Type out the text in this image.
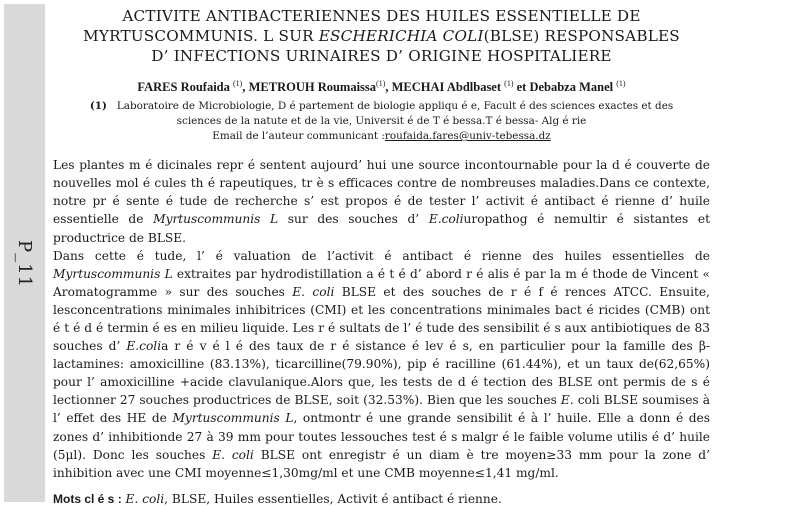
P_11
ACTIVITE ANTIBACTERIENNES DES HUILES ESSENTIELLE DE
MYRTUSCOMMUNIS. L SUR ESCHERICHIA COLI(BLSE) RESPONSABLES
D’ INFECTIONS URINAIRES D’ ORIGINE HOSPITALIERE
FARES Roufaida $^{(1)}$, METROUH Roumaissa$^{(1)}$, MECHAI Abdlbaset $^{(1)}$ et Debabza Manel $^{(1)}$
(1) Laboratoire de Microbiologie, D é partement de biologie appliqu é e, Facult é des sciences exactes et des
sciences de la natute et de la vie, Universit é de T é bessa.T é bessa- Alg é rie
Email de l’auteur communicant :roufaida.fares@univ-tebessa.dz
Les plantes m é dicinales repr é sentent aujourd’ hui une source incontournable pour la d é couverte de nouvelles mol é cules th é rapeutiques, tr è s efficaces contre de nombreuses maladies.Dans ce contexte, notre pr é sente é tude de recherche s’ est propos é de tester l’ activit é antibact é rienne d’ huile essentielle de Myrtuscommunis L sur des souches d’ E.coliuropathog é nemultir é sistantes et productrice de BLSE.
Dans cette é tude, l’ é valuation de l’activit é antibact é rienne des huiles essentielles de Myrtuscommunis L extraites par hydrodistillation a é t é d’ abord r é alis é par la m é thode de Vincent « Aromatogramme » sur des souches E. coli BLSE et des souches de r é f é rences ATCC. Ensuite, lesconcentrations minimales inhibitrices (CMI) et les concentrations minimales bact é ricides (CMB) ont é t é d é termin é es en milieu liquide. Les r é sultats de l’ é tude des sensibilit é s aux antibiotiques de 83 souches d’ E.colia r é v é l é des taux de r é sistance é lev é s, en particulier pour la famille des β-lactamines: amoxicilline (83.13%), ticarcilline(79.90%), pip é racilline (61.44%), et un taux de(62,65%) pour l’ amoxicilline +acide clavulanique.Alors que, les tests de d é tection des BLSE ont permis de s é lectionner 27 souches productrices de BLSE, soit (32.53%). Bien que les souches E. coli BLSE soumises à l’ effet des HE de Myrtuscommunis L, ontmontr é une grande sensibilit é à l’ huile. Elle a donn é des zones d’ inhibitionde 27 à 39 mm pour toutes lessouches test é s malgr é le faible volume utilis é d’ huile (5μl). Donc les souches E. coli BLSE ont enregistr é un diam è tre moyen≥33 mm pour la zone d’ inhibition avec une CMI moyenne≤1,30mg/ml et une CMB moyenne≤1,41 mg/ml.
Mots cl é s : E. coli, BLSE, Huiles essentielles, Activit é antibact é rienne.
